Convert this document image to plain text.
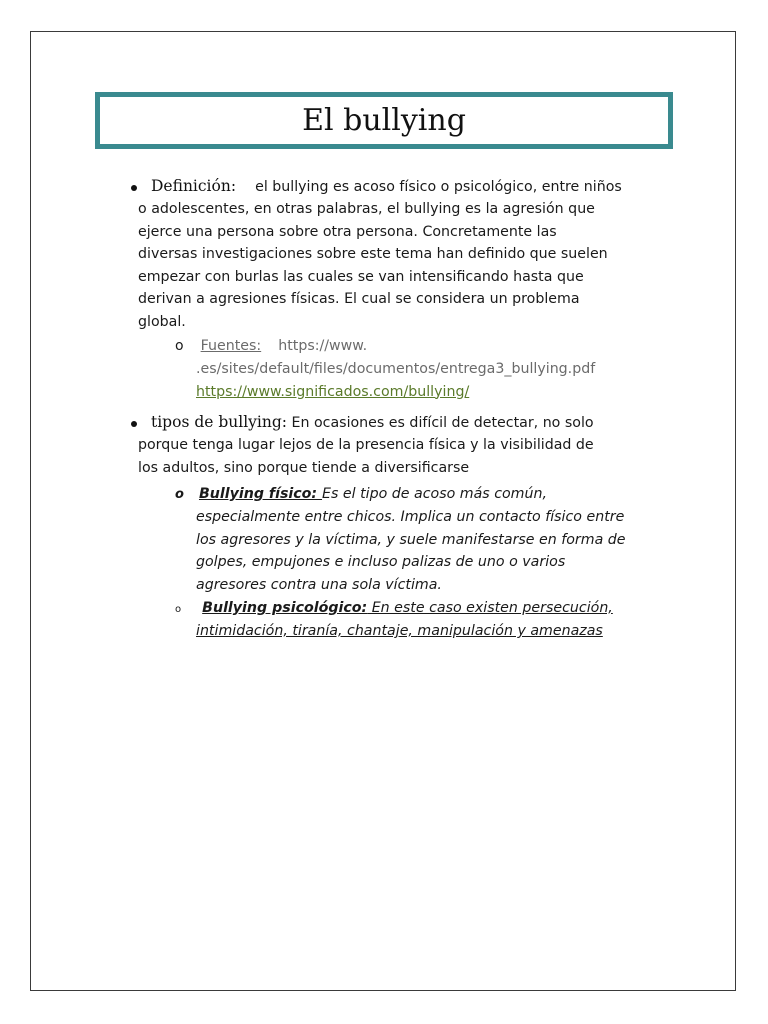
El bullying
Definición: el bullying es acoso físico o psicológico, entre niños
o adolescentes, en otras palabras, el bullying es la agresión que
ejerce una persona sobre otra persona. Concretamente las
diversas investigaciones sobre este tema han definido que suelen
empezar con burlas las cuales se van intensificando hasta que
derivan a agresiones físicas. El cual se considera un problema
global.
o Fuentes: https://www.
.es/sites/default/files/documentos/entrega3_bullying.pdf
https://www.significados.com/bullying/
tipos de bullying: En ocasiones es difícil de detectar, no solo
porque tenga lugar lejos de la presencia física y la visibilidad de
los adultos, sino porque tiende a diversificarse
o Bullying físico: Es el tipo de acoso más común,
especialmente entre chicos. Implica un contacto físico entre
los agresores y la víctima, y suele manifestarse en forma de
golpes, empujones e incluso palizas de uno o varios
agresores contra una sola víctima.
o Bullying psicológico: En este caso existen persecución,
intimidación, tiranía, chantaje, manipulación y amenazas
